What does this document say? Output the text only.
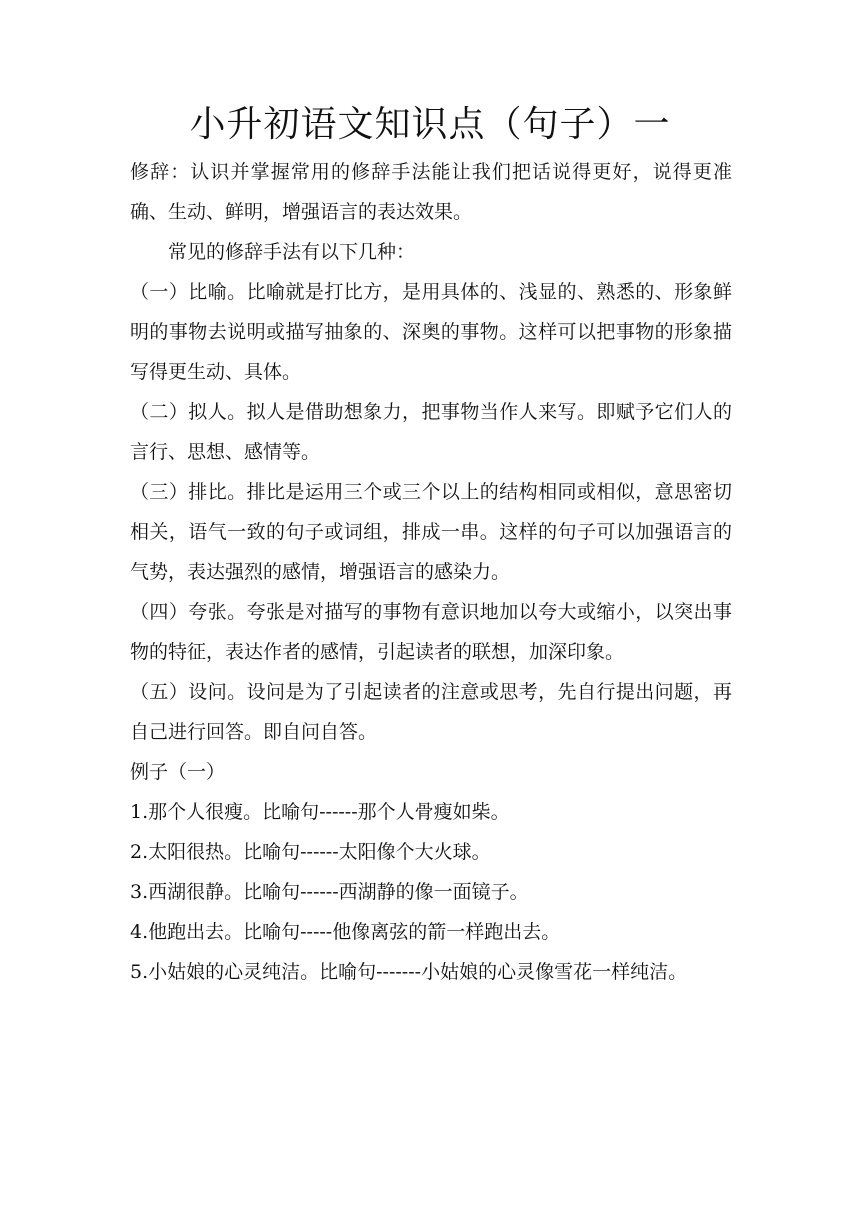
小升初语文知识点（句子）一

修辞：认识并掌握常用的修辞手法能让我们把话说得更好，说得更准确、生动、鲜明，增强语言的表达效果。

常见的修辞手法有以下几种：

（一）比喻。比喻就是打比方，是用具体的、浅显的、熟悉的、形象鲜明的事物去说明或描写抽象的、深奥的事物。这样可以把事物的形象描写得更生动、具体。

（二）拟人。拟人是借助想象力，把事物当作人来写。即赋予它们人的言行、思想、感情等。

（三）排比。排比是运用三个或三个以上的结构相同或相似，意思密切相关，语气一致的句子或词组，排成一串。这样的句子可以加强语言的气势，表达强烈的感情，增强语言的感染力。

（四）夸张。夸张是对描写的事物有意识地加以夸大或缩小，以突出事物的特征，表达作者的感情，引起读者的联想，加深印象。

（五）设问。设问是为了引起读者的注意或思考，先自行提出问题，再自己进行回答。即自问自答。

例子（一）

1.那个人很瘦。比喻句------那个人骨瘦如柴。

2.太阳很热。比喻句------太阳像个大火球。

3.西湖很静。比喻句------西湖静的像一面镜子。

4.他跑出去。比喻句-----他像离弦的箭一样跑出去。

5.小姑娘的心灵纯洁。比喻句-------小姑娘的心灵像雪花一样纯洁。
